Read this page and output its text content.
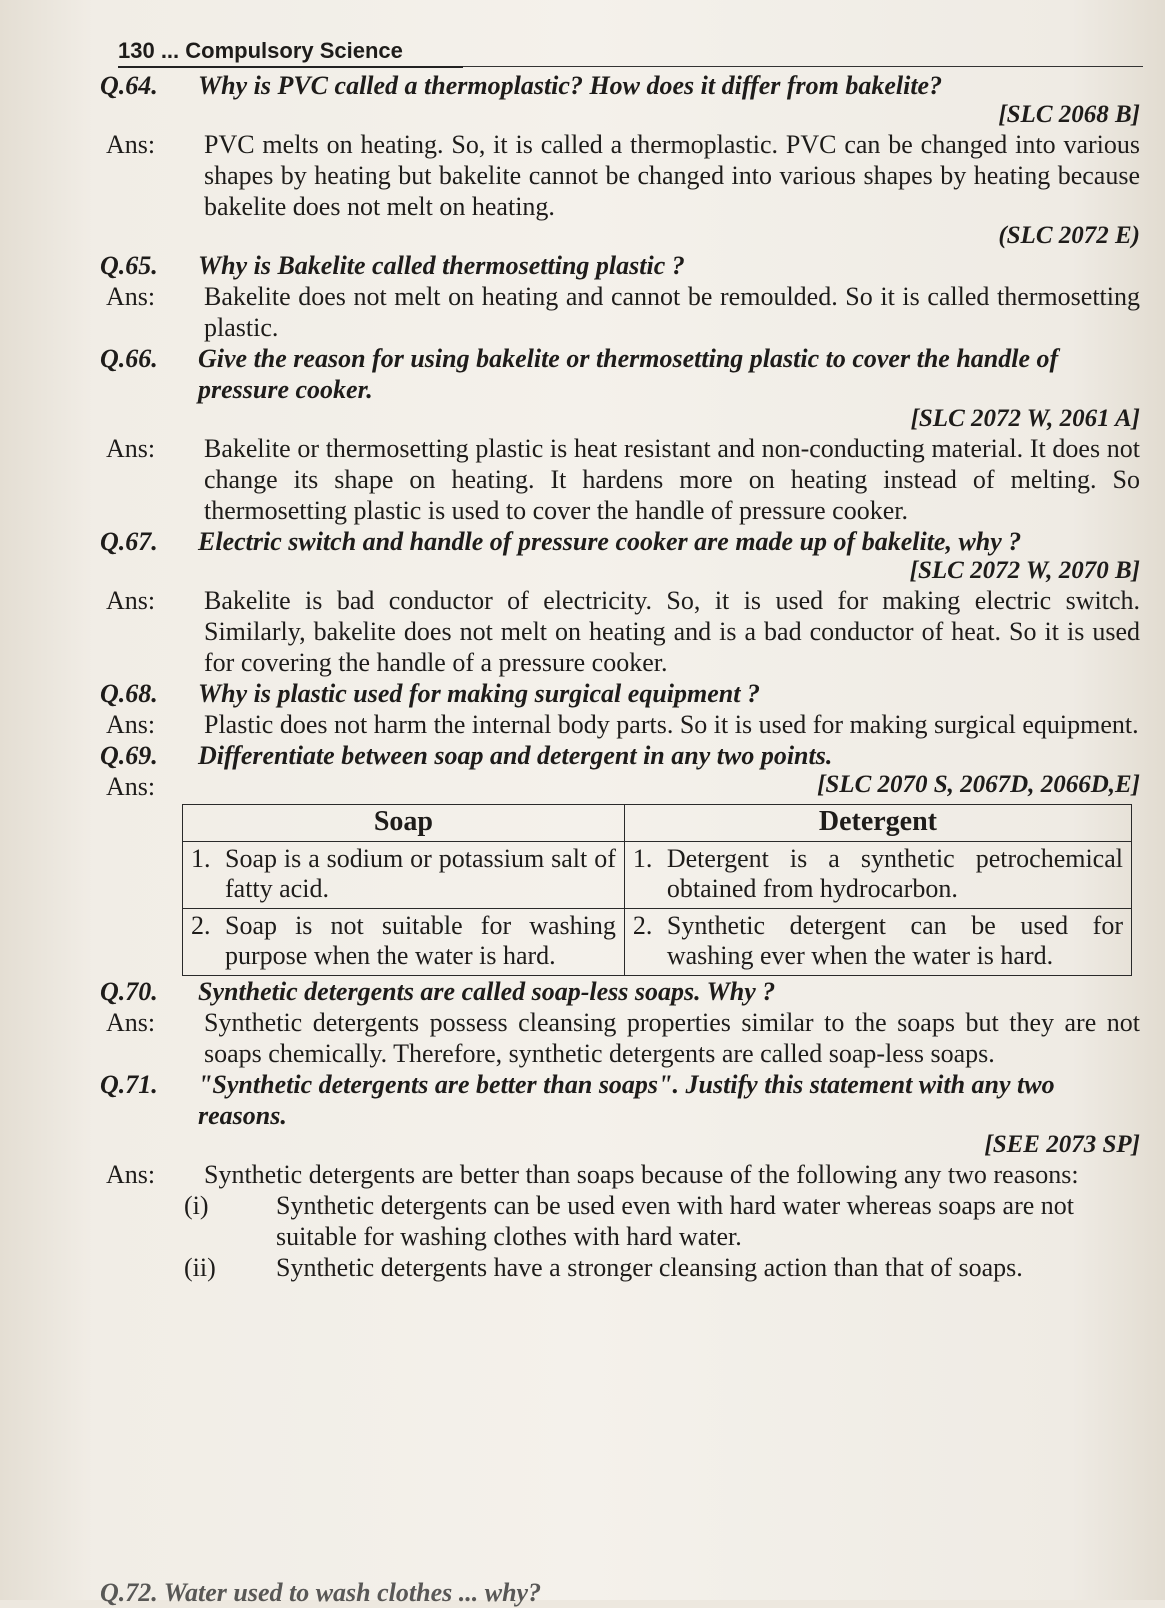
130 ... Compulsory Science
Q.64.	Why is PVC called a thermoplastic? How does it differ from bakelite?
[SLC 2068 B]
Ans:	PVC melts on heating. So, it is called a thermoplastic. PVC can be changed into various shapes by heating but bakelite cannot be changed into various shapes by heating because bakelite does not melt on heating.
(SLC 2072 E)
Q.65.	Why is Bakelite called thermosetting plastic ?
Ans:	Bakelite does not melt on heating and cannot be remoulded. So it is called thermosetting plastic.
Q.66.	Give the reason for using bakelite or thermosetting plastic to cover the handle of pressure cooker.
[SLC 2072 W, 2061 A]
Ans:	Bakelite or thermosetting plastic is heat resistant and non-conducting material. It does not change its shape on heating. It hardens more on heating instead of melting. So thermosetting plastic is used to cover the handle of pressure cooker.
Q.67.	Electric switch and handle of pressure cooker are made up of bakelite, why ?
[SLC 2072 W, 2070 B]
Ans:	Bakelite is bad conductor of electricity. So, it is used for making electric switch. Similarly, bakelite does not melt on heating and is a bad conductor of heat. So it is used for covering the handle of a pressure cooker.
Q.68.	Why is plastic used for making surgical equipment ?
Ans:	Plastic does not harm the internal body parts. So it is used for making surgical equipment.
Q.69.	Differentiate between soap and detergent in any two points.
Ans:	[SLC 2070 S, 2067D, 2066D,E]
Soap	Detergent

1. Soap is a sodium or potassium salt of fatty acid.	1. Detergent is a synthetic petrochemical obtained from hydrocarbon.

2. Soap is not suitable for washing purpose when the water is hard.	2. Synthetic detergent can be used for washing ever when the water is hard.
Q.70.	Synthetic detergents are called soap-less soaps. Why ?
Ans:	Synthetic detergents possess cleansing properties similar to the soaps but they are not soaps chemically. Therefore, synthetic detergents are called soap-less soaps.
Q.71.	"Synthetic detergents are better than soaps". Justify this statement with any two reasons.
[SEE 2073 SP]
Ans:	Synthetic detergents are better than soaps because of the following any two reasons:
(i)	Synthetic detergents can be used even with hard water whereas soaps are not suitable for washing clothes with hard water.
(ii)	Synthetic detergents have a stronger cleansing action than that of soaps.
Q.72. Water used to wash clothes ... why?
